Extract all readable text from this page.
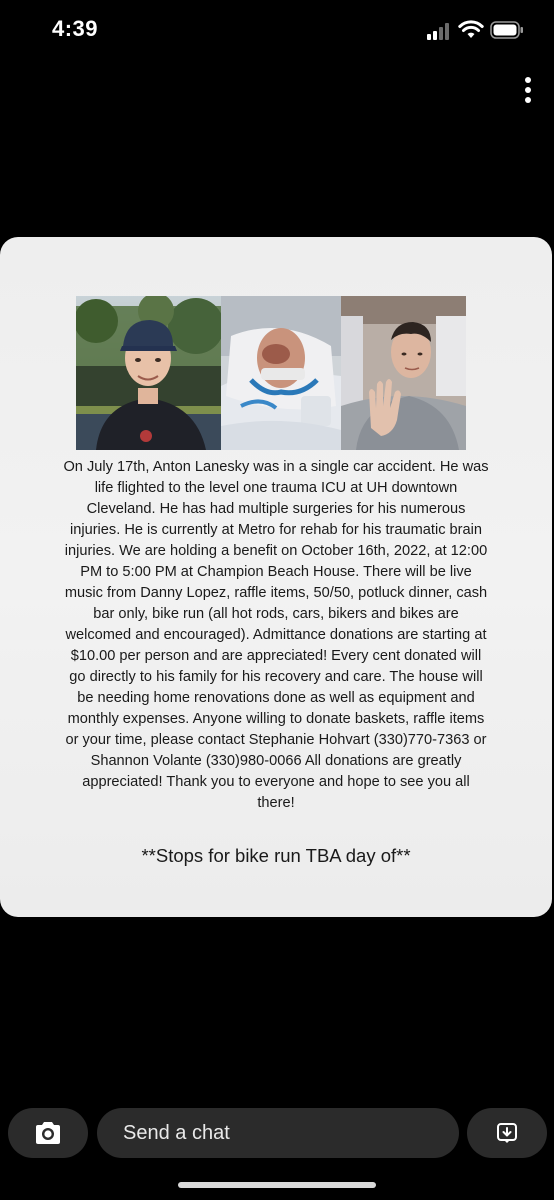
4:39

On July 17th, Anton Lanesky was in a single car accident. He was
life flighted to the level one trauma ICU at UH downtown
Cleveland. He has had multiple surgeries for his numerous
injuries. He is currently at Metro for rehab for his traumatic brain
injuries. We are holding a benefit on October 16th, 2022, at 12:00
PM to 5:00 PM at Champion Beach House. There will be live
music from Danny Lopez, raffle items, 50/50, potluck dinner, cash
bar only, bike run (all hot rods, cars, bikers and bikes are
welcomed and encouraged). Admittance donations are starting at
$10.00 per person and are appreciated! Every cent donated will
go directly to his family for his recovery and care. The house will
be needing home renovations done as well as equipment and
monthly expenses. Anyone willing to donate baskets, raffle items
or your time, please contact Stephanie Hohvart (330)770-7363 or
Shannon Volante (330)980-0066 All donations are greatly
appreciated! Thank you to everyone and hope to see you all
there!

**Stops for bike run TBA day of**
Send a chat
